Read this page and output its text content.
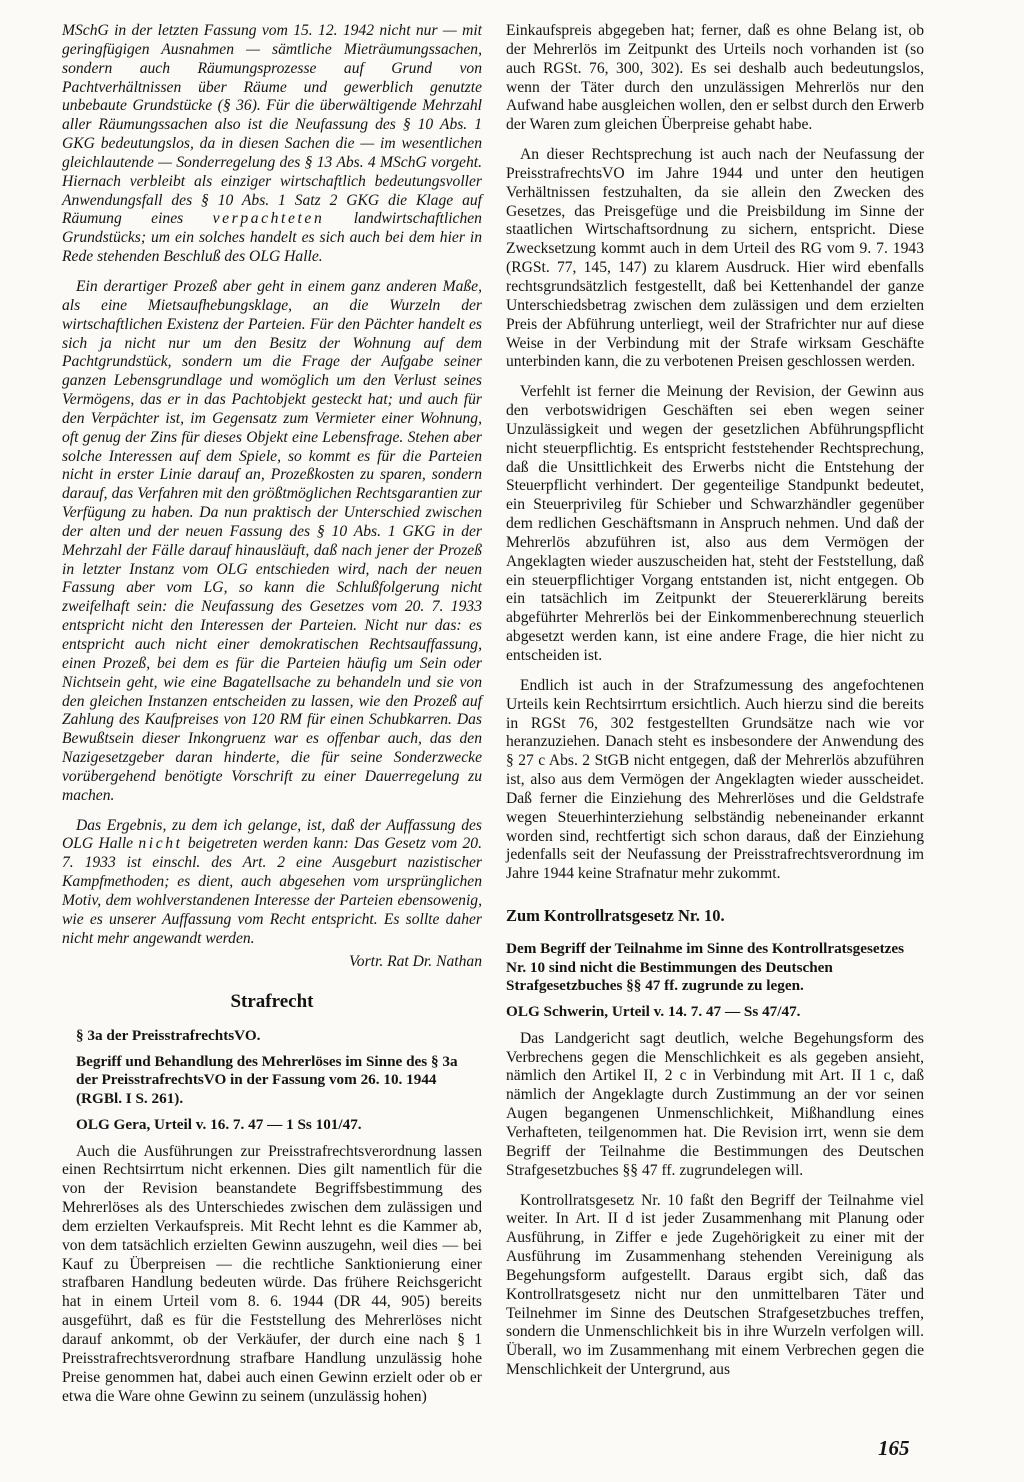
MSchG in der letzten Fassung vom 15. 12. 1942 nicht nur — mit geringfügigen Ausnahmen — sämtliche Mieträumungssachen, sondern auch Räumungsprozesse auf Grund von Pachtverhältnissen über Räume und gewerblich genutzte unbebaute Grundstücke (§ 36). Für die überwältigende Mehrzahl aller Räumungssachen also ist die Neufassung des § 10 Abs. 1 GKG bedeutungslos, da in diesen Sachen die — im wesentlichen gleichlautende — Sonderregelung des § 13 Abs. 4 MSchG vorgeht. Hiernach verbleibt als einziger wirtschaftlich bedeutungsvoller Anwendungsfall des § 10 Abs. 1 Satz 2 GKG die Klage auf Räumung eines verpachteten landwirtschaftlichen Grundstücks; um ein solches handelt es sich auch bei dem hier in Rede stehenden Beschluß des OLG Halle.

Ein derartiger Prozeß aber geht in einem ganz anderen Maße, als eine Mietsaufhebungsklage, an die Wurzeln der wirtschaftlichen Existenz der Parteien. Für den Pächter handelt es sich ja nicht nur um den Besitz der Wohnung auf dem Pachtgrundstück, sondern um die Frage der Aufgabe seiner ganzen Lebensgrundlage und womöglich um den Verlust seines Vermögens, das er in das Pachtobjekt gesteckt hat; und auch für den Verpächter ist, im Gegensatz zum Vermieter einer Wohnung, oft genug der Zins für dieses Objekt eine Lebensfrage. Stehen aber solche Interessen auf dem Spiele, so kommt es für die Parteien nicht in erster Linie darauf an, Prozeßkosten zu sparen, sondern darauf, das Verfahren mit den größtmöglichen Rechtsgarantien zur Verfügung zu haben. Da nun praktisch der Unterschied zwischen der alten und der neuen Fassung des § 10 Abs. 1 GKG in der Mehrzahl der Fälle darauf hinausläuft, daß nach jener der Prozeß in letzter Instanz vom OLG entschieden wird, nach der neuen Fassung aber vom LG, so kann die Schlußfolgerung nicht zweifelhaft sein: die Neufassung des Gesetzes vom 20. 7. 1933 entspricht nicht den Interessen der Parteien. Nicht nur das: es entspricht auch nicht einer demokratischen Rechtsauffassung, einen Prozeß, bei dem es für die Parteien häufig um Sein oder Nichtsein geht, wie eine Bagatellsache zu behandeln und sie von den gleichen Instanzen entscheiden zu lassen, wie den Prozeß auf Zahlung des Kaufpreises von 120 RM für einen Schubkarren. Das Bewußtsein dieser Inkongruenz war es offenbar auch, das den Nazigesetzgeber daran hinderte, die für seine Sonderzwecke vorübergehend benötigte Vorschrift zu einer Dauerregelung zu machen.

Das Ergebnis, zu dem ich gelange, ist, daß der Auffassung des OLG Halle nicht beigetreten werden kann: Das Gesetz vom 20. 7. 1933 ist einschl. des Art. 2 eine Ausgeburt nazistischer Kampfmethoden; es dient, auch abgesehen vom ursprünglichen Motiv, dem wohlverstandenen Interesse der Parteien ebensowenig, wie es unserer Auffassung vom Recht entspricht. Es sollte daher nicht mehr angewandt werden.

Vortr. Rat Dr. Nathan
Strafrecht
§ 3a der PreisstrafrechtsVO.
Begriff und Behandlung des Mehrerlöses im Sinne des § 3a der PreisstrafrechtsVO in der Fassung vom 26. 10. 1944 (RGBl. I S. 261).
OLG Gera, Urteil v. 16. 7. 47 — 1 Ss 101/47.

Auch die Ausführungen zur Preisstrafrechtsverordnung lassen einen Rechtsirrtum nicht erkennen. Dies gilt namentlich für die von der Revision beanstandete Begriffsbestimmung des Mehrerlöses als des Unterschiedes zwischen dem zulässigen und dem erzielten Verkaufspreis. Mit Recht lehnt es die Kammer ab, von dem tatsächlich erzielten Gewinn auszugehn, weil dies — bei Kauf zu Überpreisen — die rechtliche Sanktionierung einer strafbaren Handlung bedeuten würde. Das frühere Reichsgericht hat in einem Urteil vom 8. 6. 1944 (DR 44, 905) bereits ausgeführt, daß es für die Feststellung des Mehrerlöses nicht darauf ankommt, ob der Verkäufer, der durch eine nach § 1 Preisstrafrechtsverordnung strafbare Handlung unzulässig hohe Preise genommen hat, dabei auch einen Gewinn erzielt oder ob er etwa die Ware ohne Gewinn zu seinem (unzulässig hohen)

Einkaufspreis abgegeben hat; ferner, daß es ohne Belang ist, ob der Mehrerlös im Zeitpunkt des Urteils noch vorhanden ist (so auch RGSt. 76, 300, 302). Es sei deshalb auch bedeutungslos, wenn der Täter durch den unzulässigen Mehrerlös nur den Aufwand habe ausgleichen wollen, den er selbst durch den Erwerb der Waren zum gleichen Überpreise gehabt habe.

An dieser Rechtsprechung ist auch nach der Neufassung der PreisstrafrechtsVO im Jahre 1944 und unter den heutigen Verhältnissen festzuhalten, da sie allein den Zwecken des Gesetzes, das Preisgefüge und die Preisbildung im Sinne der staatlichen Wirtschaftsordnung zu sichern, entspricht. Diese Zwecksetzung kommt auch in dem Urteil des RG vom 9. 7. 1943 (RGSt. 77, 145, 147) zu klarem Ausdruck. Hier wird ebenfalls rechtsgrundsätzlich festgestellt, daß bei Kettenhandel der ganze Unterschiedsbetrag zwischen dem zulässigen und dem erzielten Preis der Abführung unterliegt, weil der Strafrichter nur auf diese Weise in der Verbindung mit der Strafe wirksam Geschäfte unterbinden kann, die zu verbotenen Preisen geschlossen werden.

Verfehlt ist ferner die Meinung der Revision, der Gewinn aus den verbotswidrigen Geschäften sei eben wegen seiner Unzulässigkeit und wegen der gesetzlichen Abführungspflicht nicht steuerpflichtig. Es entspricht feststehender Rechtsprechung, daß die Unsittlichkeit des Erwerbs nicht die Entstehung der Steuerpflicht verhindert. Der gegenteilige Standpunkt bedeutet, ein Steuerprivileg für Schieber und Schwarzhändler gegenüber dem redlichen Geschäftsmann in Anspruch nehmen. Und daß der Mehrerlös abzuführen ist, also aus dem Vermögen der Angeklagten wieder auszuscheiden hat, steht der Feststellung, daß ein steuerpflichtiger Vorgang entstanden ist, nicht entgegen. Ob ein tatsächlich im Zeitpunkt der Steuererklärung bereits abgeführter Mehrerlös bei der Einkommenberechnung steuerlich abgesetzt werden kann, ist eine andere Frage, die hier nicht zu entscheiden ist.

Endlich ist auch in der Strafzumessung des angefochtenen Urteils kein Rechtsirrtum ersichtlich. Auch hierzu sind die bereits in RGSt 76, 302 festgestellten Grundsätze nach wie vor heranzuziehen. Danach steht es insbesondere der Anwendung des § 27 c Abs. 2 StGB nicht entgegen, daß der Mehrerlös abzuführen ist, also aus dem Vermögen der Angeklagten wieder ausscheidet. Daß ferner die Einziehung des Mehrerlöses und die Geldstrafe wegen Steuerhinterziehung selbständig nebeneinander erkannt worden sind, rechtfertigt sich schon daraus, daß der Einziehung jedenfalls seit der Neufassung der Preisstrafrechtsverordnung im Jahre 1944 keine Strafnatur mehr zukommt.

Zum Kontrollratsgesetz Nr. 10.
Dem Begriff der Teilnahme im Sinne des Kontrollratsgesetzes Nr. 10 sind nicht die Bestimmungen des Deutschen Strafgesetzbuches §§ 47 ff. zugrunde zu legen.
OLG Schwerin, Urteil v. 14. 7. 47 — Ss 47/47.

Das Landgericht sagt deutlich, welche Begehungsform des Verbrechens gegen die Menschlichkeit es als gegeben ansieht, nämlich den Artikel II, 2 c in Verbindung mit Art. II 1 c, daß nämlich der Angeklagte durch Zustimmung an der vor seinen Augen begangenen Unmenschlichkeit, Mißhandlung eines Verhafteten, teilgenommen hat. Die Revision irrt, wenn sie dem Begriff der Teilnahme die Bestimmungen des Deutschen Strafgesetzbuches §§ 47 ff. zugrundelegen will.

Kontrollratsgesetz Nr. 10 faßt den Begriff der Teilnahme viel weiter. In Art. II d ist jeder Zusammenhang mit Planung oder Ausführung, in Ziffer e jede Zugehörigkeit zu einer mit der Ausführung im Zusammenhang stehenden Vereinigung als Begehungsform aufgestellt. Daraus ergibt sich, daß das Kontrollratsgesetz nicht nur den unmittelbaren Täter und Teilnehmer im Sinne des Deutschen Strafgesetzbuches treffen, sondern die Unmenschlichkeit bis in ihre Wurzeln verfolgen will. Überall, wo im Zusammenhang mit einem Verbrechen gegen die Menschlichkeit der Untergrund, aus

165
